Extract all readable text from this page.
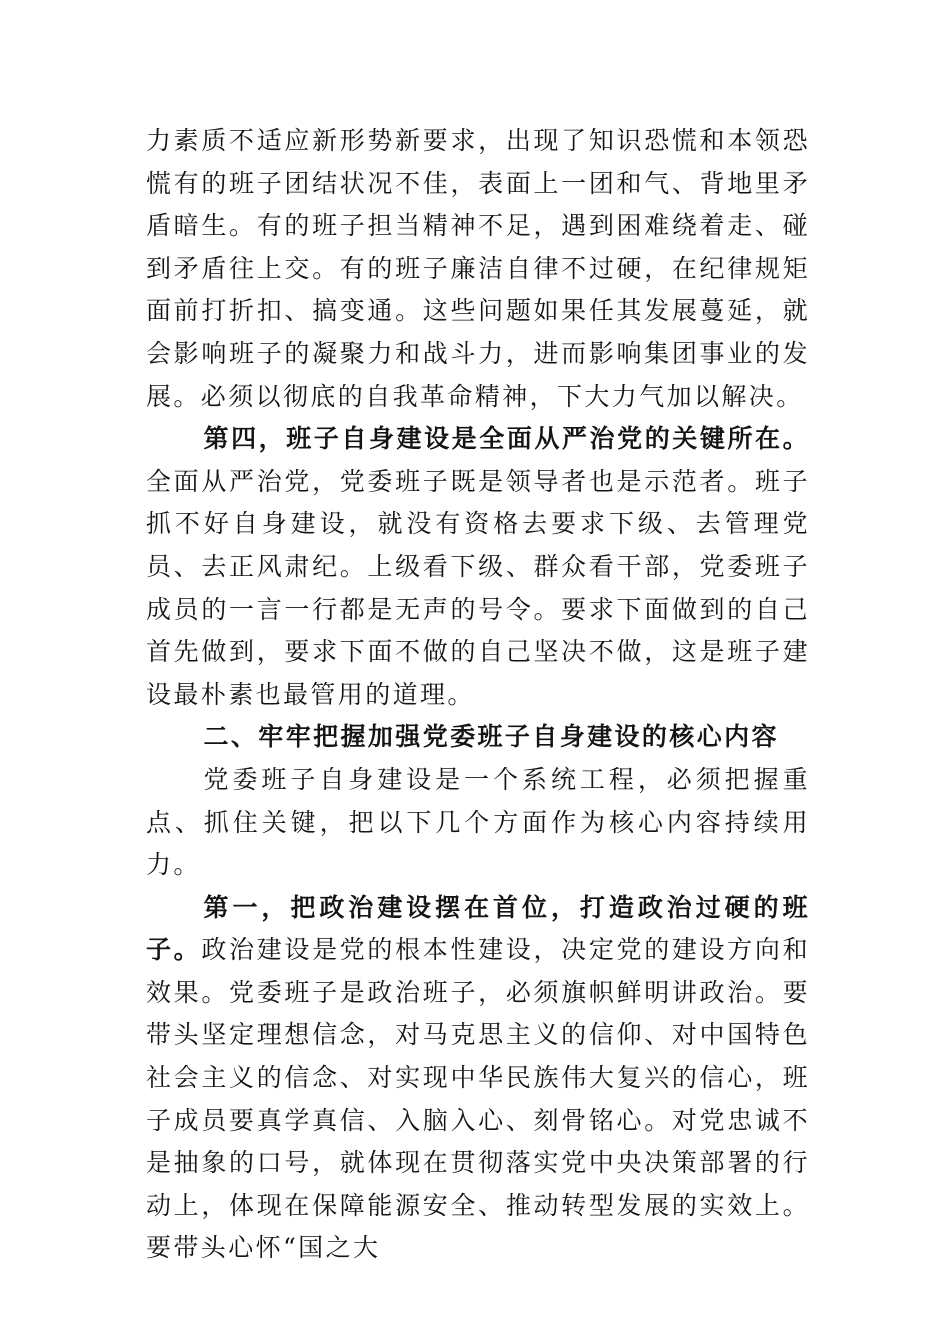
力素质不适应新形势新要求，出现了知识恐慌和本领恐慌有的班子团结状况不佳，表面上一团和气、背地里矛盾暗生。有的班子担当精神不足，遇到困难绕着走、碰到矛盾往上交。有的班子廉洁自律不过硬，在纪律规矩面前打折扣、搞变通。这些问题如果任其发展蔓延，就会影响班子的凝聚力和战斗力，进而影响集团事业的发展。必须以彻底的自我革命精神，下大力气加以解决。

第四，班子自身建设是全面从严治党的关键所在。全面从严治党，党委班子既是领导者也是示范者。班子抓不好自身建设，就没有资格去要求下级、去管理党员、去正风肃纪。上级看下级、群众看干部，党委班子成员的一言一行都是无声的号令。要求下面做到的自己首先做到，要求下面不做的自己坚决不做，这是班子建设最朴素也最管用的道理。

二、牢牢把握加强党委班子自身建设的核心内容

党委班子自身建设是一个系统工程，必须把握重点、抓住关键，把以下几个方面作为核心内容持续用力。

第一，把政治建设摆在首位，打造政治过硬的班子。政治建设是党的根本性建设，决定党的建设方向和效果。党委班子是政治班子，必须旗帜鲜明讲政治。要带头坚定理想信念，对马克思主义的信仰、对中国特色社会主义的信念、对实现中华民族伟大复兴的信心，班子成员要真学真信、入脑入心、刻骨铭心。对党忠诚不是抽象的口号，就体现在贯彻落实党中央决策部署的行动上，体现在保障能源安全、推动转型发展的实效上。要带头心怀“国之大
